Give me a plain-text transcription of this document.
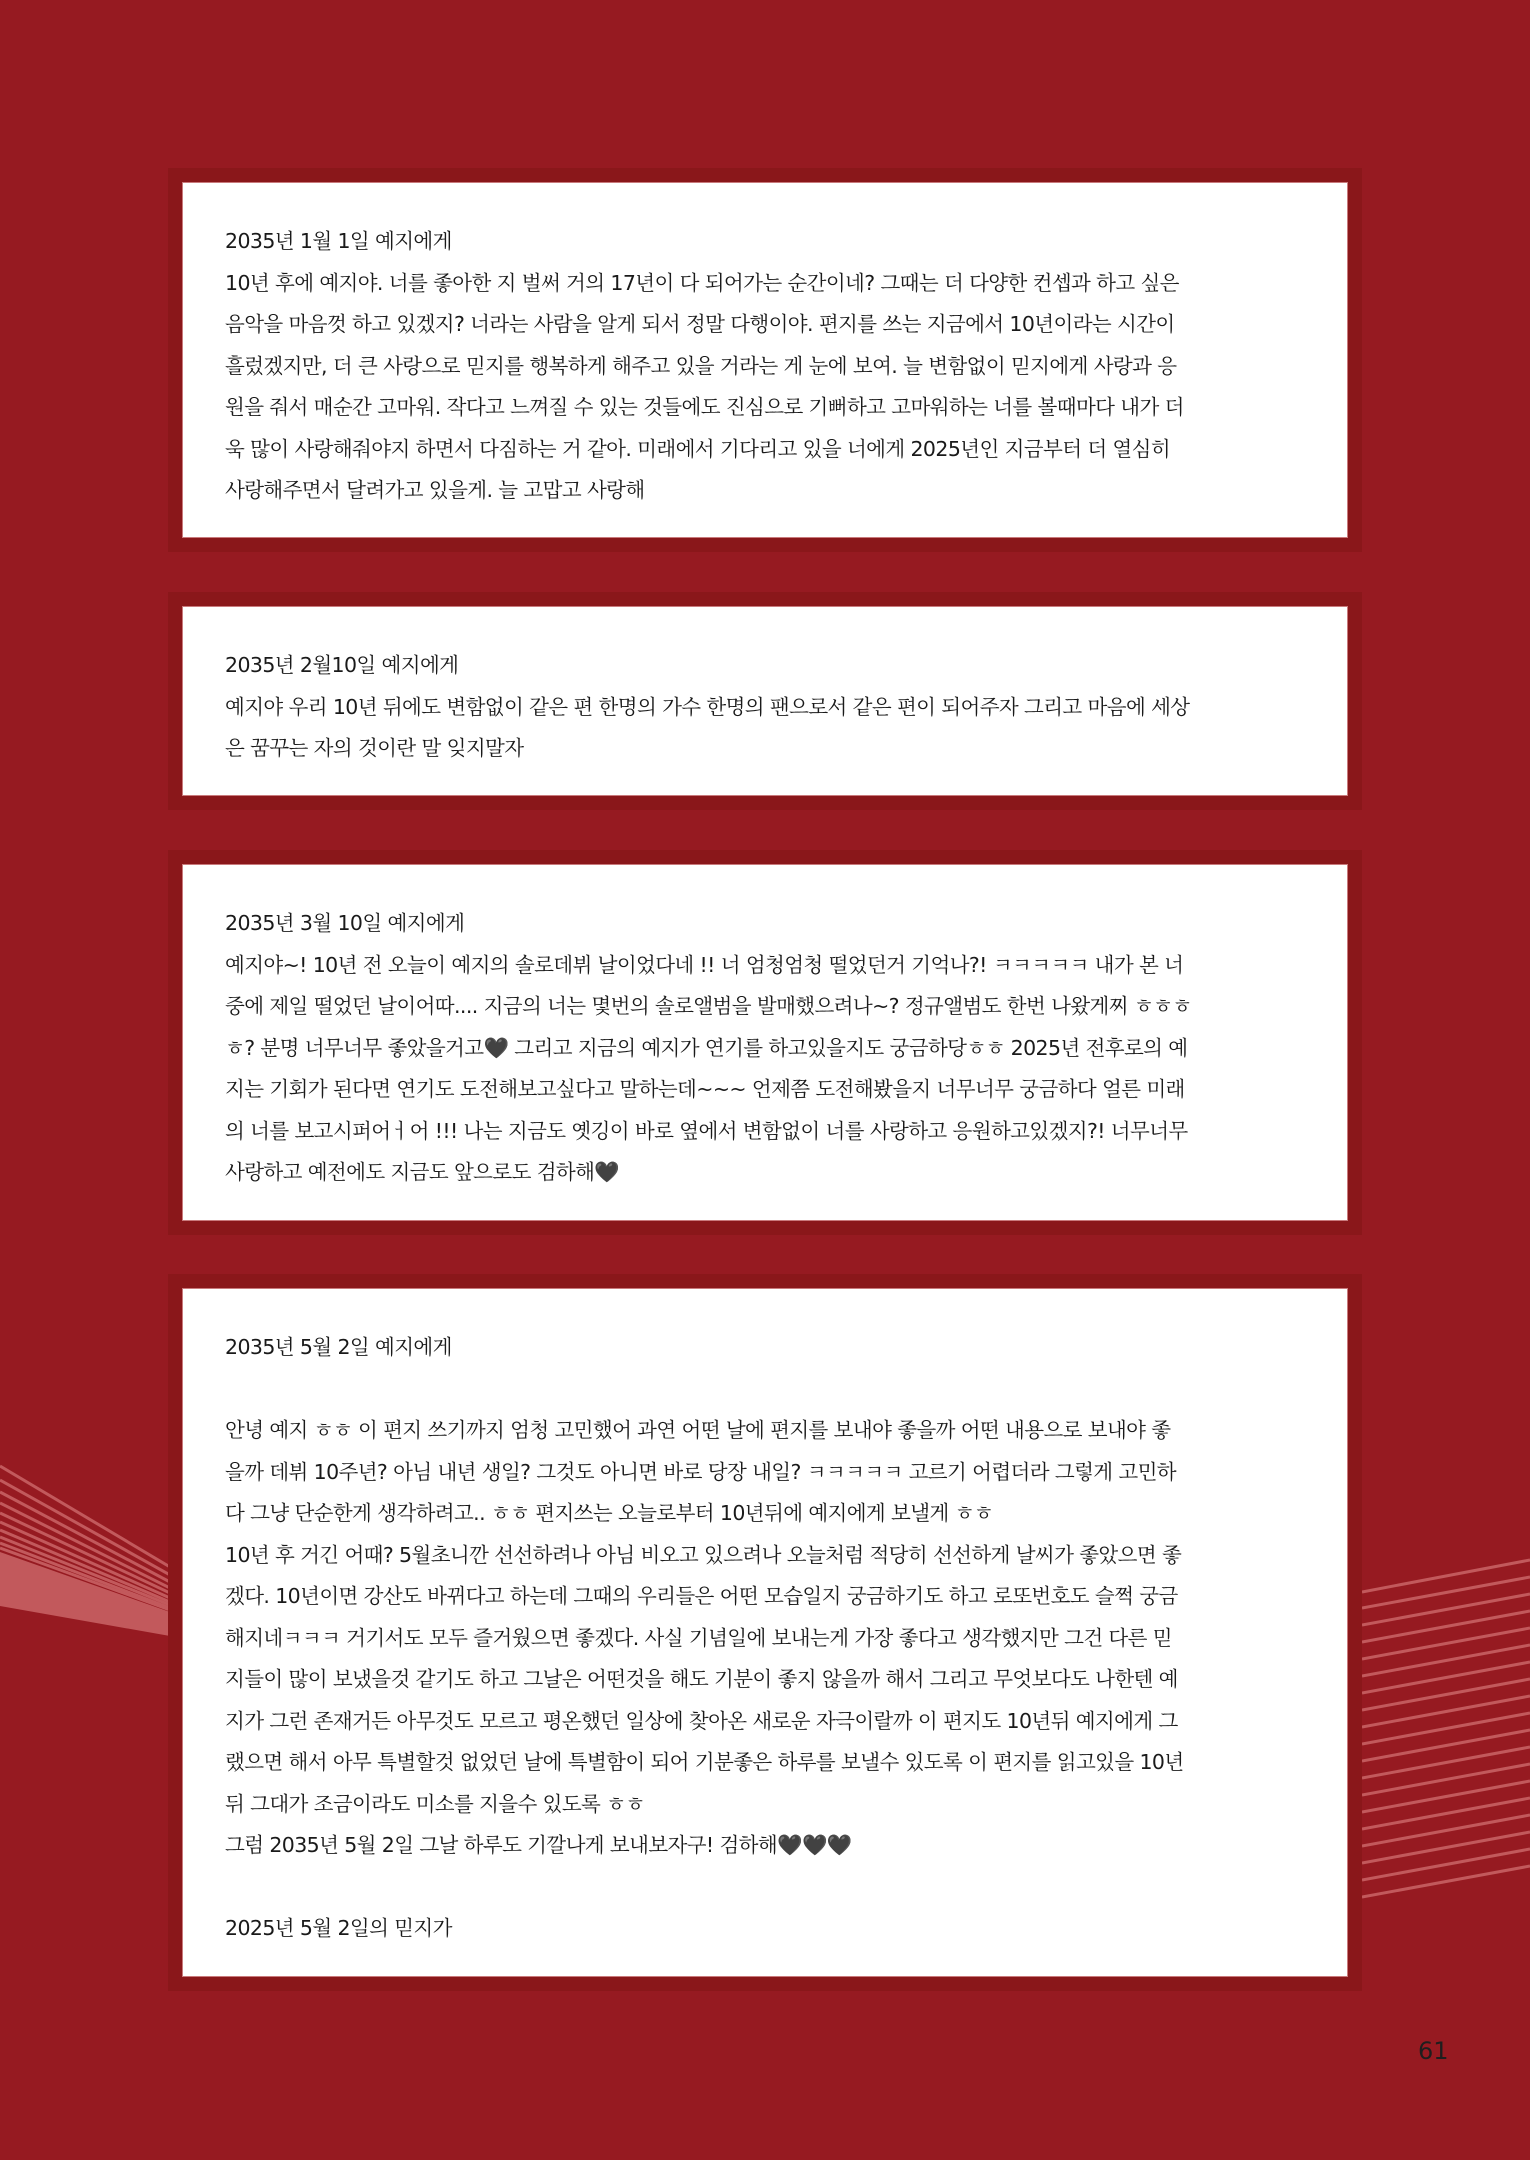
2035년 1월 1일 예지에게
10년 후에 예지야. 너를 좋아한 지 벌써 거의 17년이 다 되어가는 순간이네? 그때는 더 다양한 컨셉과 하고 싶은
음악을 마음껏 하고 있겠지? 너라는 사람을 알게 되서 정말 다행이야. 편지를 쓰는 지금에서 10년이라는 시간이
흘렀겠지만, 더 큰 사랑으로 믿지를 행복하게 해주고 있을 거라는 게 눈에 보여. 늘 변함없이 믿지에게 사랑과 응
원을 줘서 매순간 고마워. 작다고 느껴질 수 있는 것들에도 진심으로 기뻐하고 고마워하는 너를 볼때마다 내가 더
욱 많이 사랑해줘야지 하면서 다짐하는 거 같아. 미래에서 기다리고 있을 너에게 2025년인 지금부터 더 열심히
사랑해주면서 달려가고 있을게. 늘 고맙고 사랑해
2035년 2월10일 예지에게
예지야 우리 10년 뒤에도 변함없이 같은 편 한명의 가수 한명의 팬으로서 같은 편이 되어주자 그리고 마음에 세상
은 꿈꾸는 자의 것이란 말 잊지말자
2035년 3월 10일 예지에게
예지야~! 10년 전 오늘이 예지의 솔로데뷔 날이었다네 !! 너 엄청엄청 떨었던거 기억나?! ㅋㅋㅋㅋㅋ 내가 본 너
중에 제일 떨었던 날이어따.... 지금의 너는 몇번의 솔로앨범을 발매했으려나~? 정규앨범도 한번 나왔게찌 ㅎㅎㅎ
ㅎ? 분명 너무너무 좋았을거고🖤 그리고 지금의 예지가 연기를 하고있을지도 궁금하당ㅎㅎ 2025년 전후로의 예
지는 기회가 된다면 연기도 도전해보고싶다고 말하는데~~~ 언제쯤 도전해봤을지 너무너무 궁금하다 얼른 미래
의 너를 보고시퍼어ㅓ어 !!! 나는 지금도 옛깅이 바로 옆에서 변함없이 너를 사랑하고 응원하고있겠지?! 너무너무
사랑하고 예전에도 지금도 앞으로도 검하해🖤
2035년 5월 2일 예지에게
안녕 예지 ㅎㅎ 이 편지 쓰기까지 엄청 고민했어 과연 어떤 날에 편지를 보내야 좋을까 어떤 내용으로 보내야 좋
을까 데뷔 10주년? 아님 내년 생일? 그것도 아니면 바로 당장 내일? ㅋㅋㅋㅋㅋ 고르기 어렵더라 그렇게 고민하
다 그냥 단순한게 생각하려고.. ㅎㅎ 편지쓰는 오늘로부터 10년뒤에 예지에게 보낼게 ㅎㅎ
10년 후 거긴 어때? 5월초니깐 선선하려나 아님 비오고 있으려나 오늘처럼 적당히 선선하게 날씨가 좋았으면 좋
겠다. 10년이면 강산도 바뀌다고 하는데 그때의 우리들은 어떤 모습일지 궁금하기도 하고 로또번호도 슬쩍 궁금
해지네ㅋㅋㅋ 거기서도 모두 즐거웠으면 좋겠다. 사실 기념일에 보내는게 가장 좋다고 생각했지만 그건 다른 믿
지들이 많이 보냈을것 같기도 하고 그날은 어떤것을 해도 기분이 좋지 않을까 해서 그리고 무엇보다도 나한텐 예
지가 그런 존재거든 아무것도 모르고 평온했던 일상에 찾아온 새로운 자극이랄까 이 편지도 10년뒤 예지에게 그
랬으면 해서 아무 특별할것 없었던 날에 특별함이 되어 기분좋은 하루를 보낼수 있도록 이 편지를 읽고있을 10년
뒤 그대가 조금이라도 미소를 지을수 있도록 ㅎㅎ
그럼 2035년 5월 2일 그날 하루도 기깔나게 보내보자구! 검하해🖤🖤🖤
2025년 5월 2일의 믿지가
61
